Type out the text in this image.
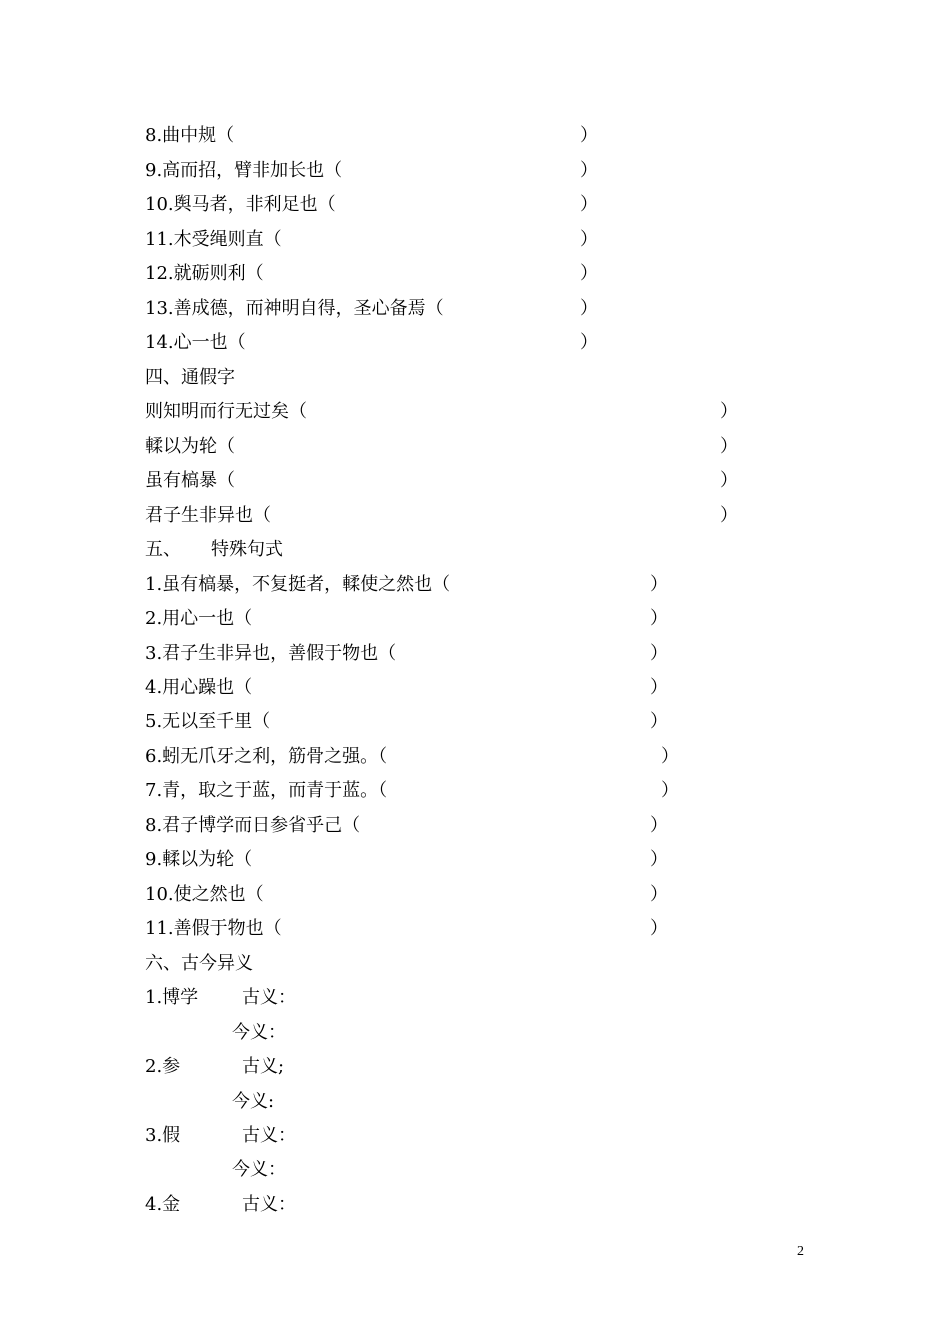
8.曲中规（	）
9.高而招，臂非加长也（	）
10.舆马者，非利足也（	）
11.木受绳则直（	）
12.就砺则利（	）
13.善成德，而神明自得，圣心备焉（	）
14.心一也（	）
四、通假字
则知明而行无过矣（	）
輮以为轮（	）
虽有槁暴（	）
君子生非异也（	）
五、 特殊句式
1.虽有槁暴，不复挺者，輮使之然也（	）
2.用心一也（	）
3.君子生非异也，善假于物也（	）
4.用心躁也（	）
5.无以至千里（	）
6.蚓无爪牙之利，筋骨之强。（	）
7.青，取之于蓝，而青于蓝。（	）
8.君子博学而日参省乎己（	）
9.輮以为轮（	）
10.使之然也（	）
11.善假于物也（	）
六、古今异义
1.博学 古义：
今义：
2.参	古义;
今义:
3.假	古义：
今义：
4.金	古义：
2
